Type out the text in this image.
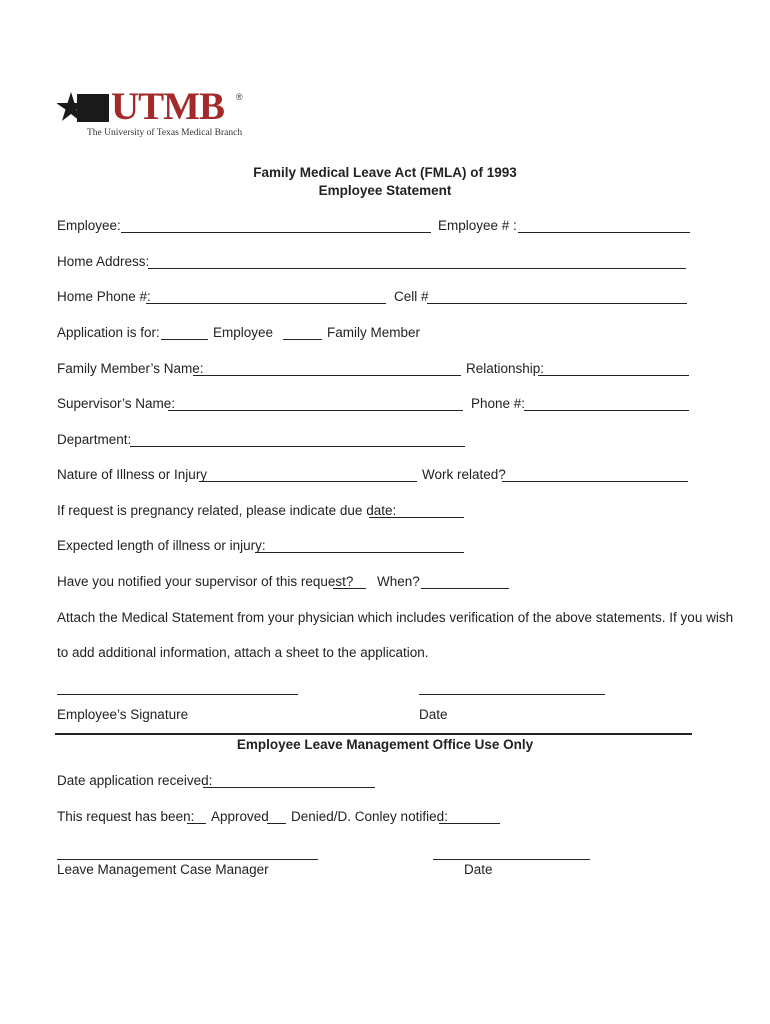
UTMB ®
The University of Texas Medical Branch
Family Medical Leave Act (FMLA) of 1993
Employee Statement
Employee:	Employee # :
Home Address:
Home Phone #:	Cell #
Application is for:	Employee	Family Member
Family Member’s Name:	Relationship:
Supervisor’s Name:	Phone #:
Department:
Nature of Illness or Injury	Work related?
If request is pregnancy related, please indicate due date:
Expected length of illness or injury:
Have you notified your supervisor of this request? When?
Attach the Medical Statement from your physician which includes verification of the above statements. If you wish
to add additional information, attach a sheet to the application.
Employee’s Signature	Date
Employee Leave Management Office Use Only
Date application received:
This request has been: Approved Denied/D. Conley notified:
Leave Management Case Manager	Date
